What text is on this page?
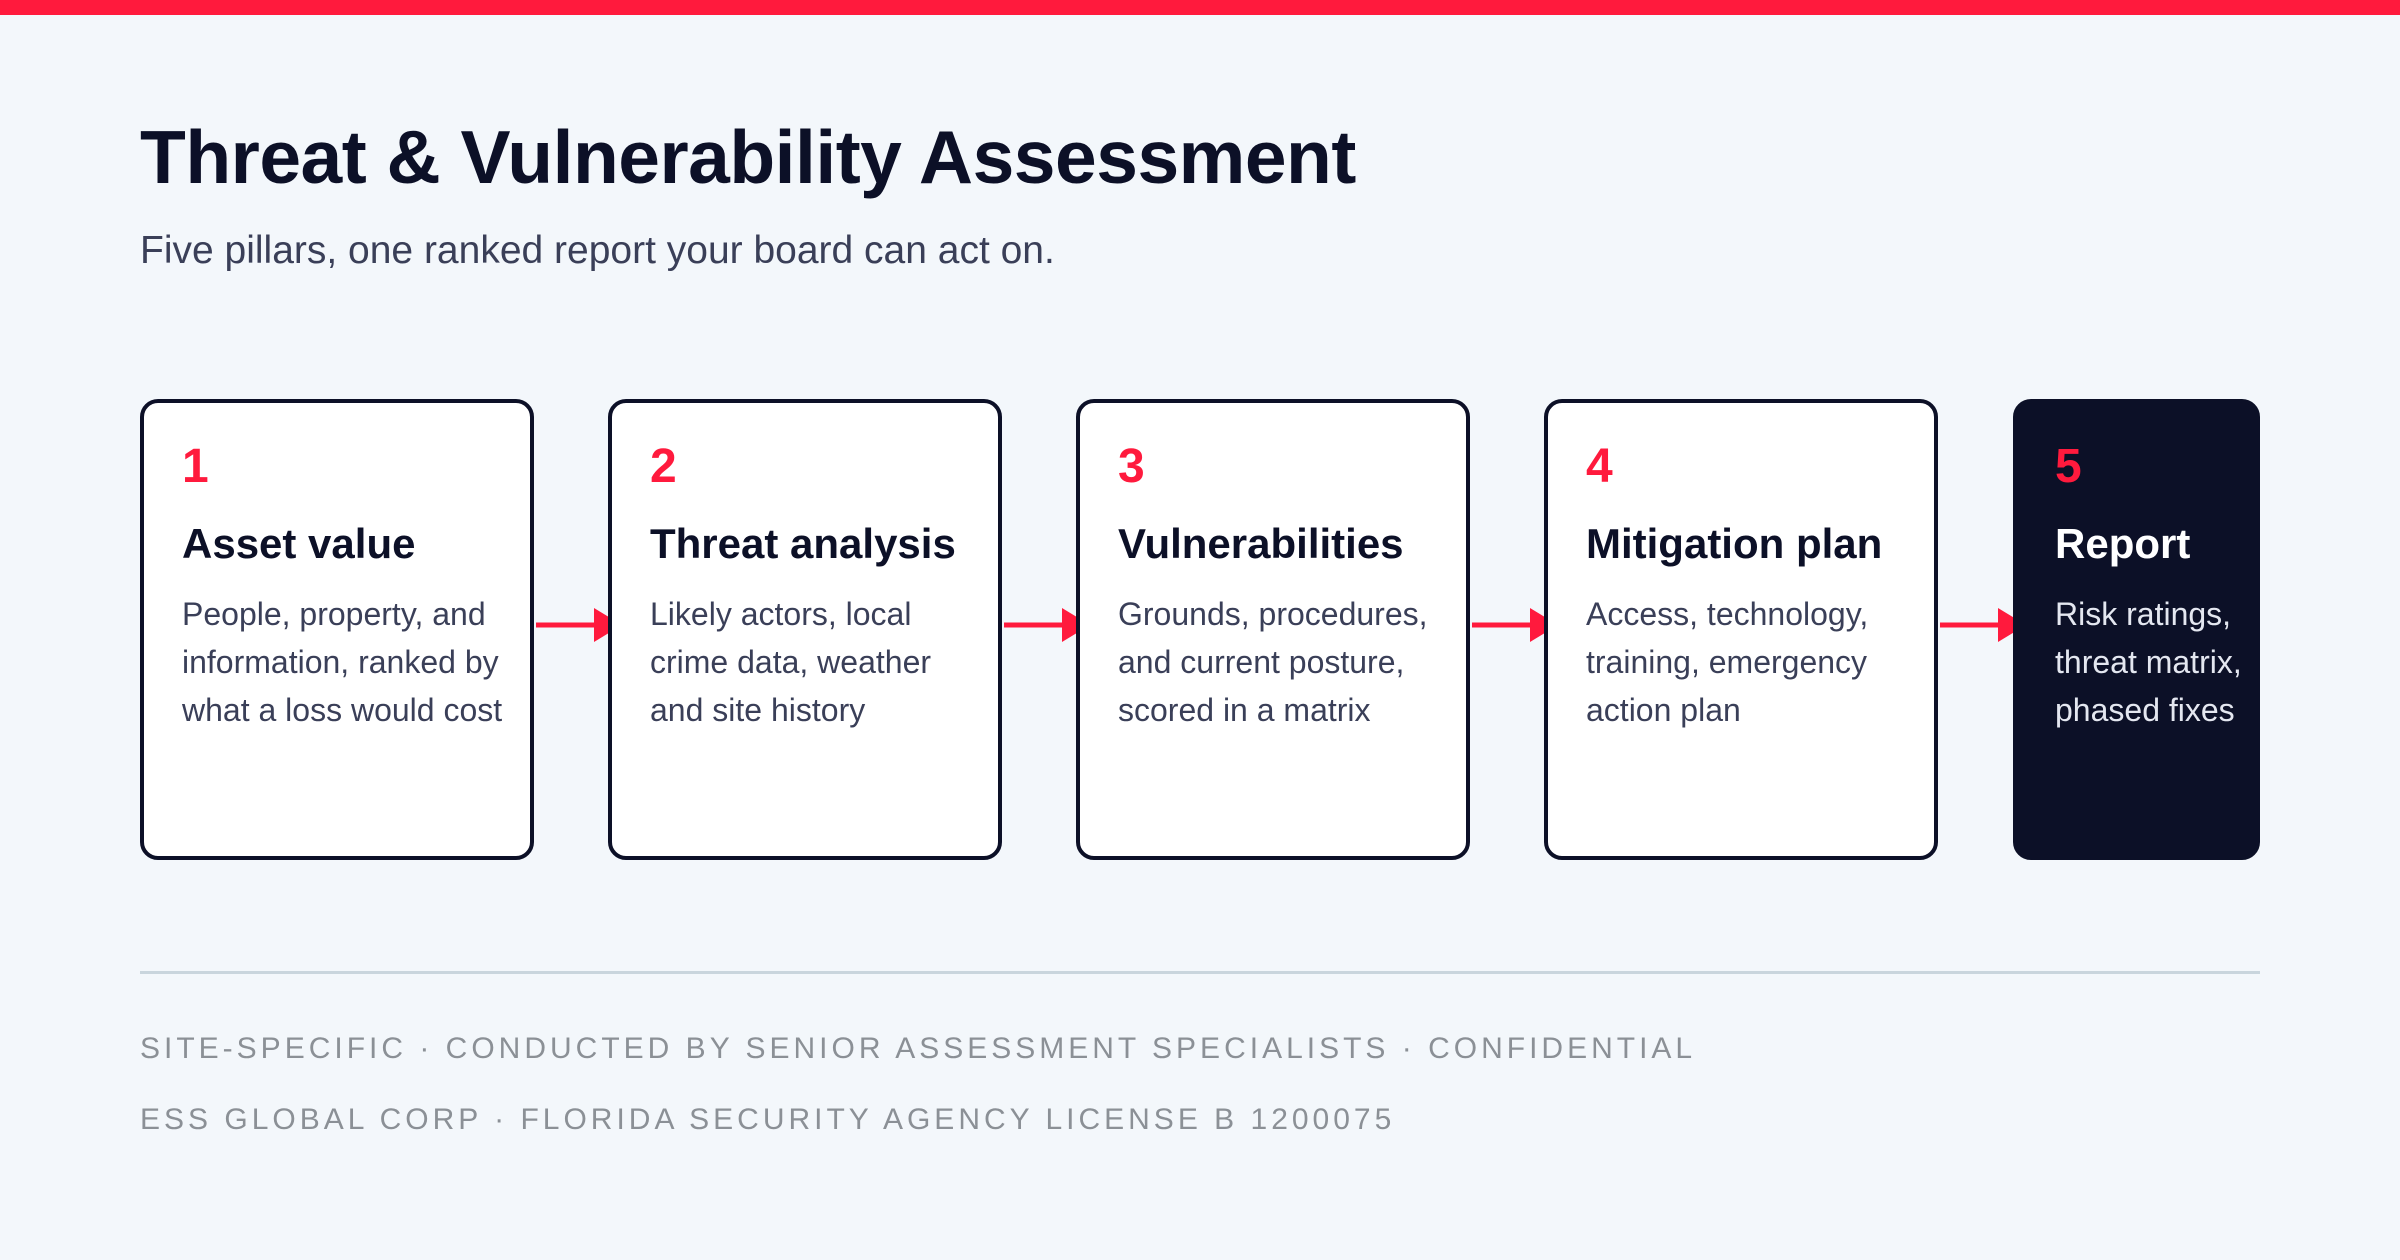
Threat & Vulnerability Assessment

Five pillars, one ranked report your board can act on.

1
Asset value
People, property, and information, ranked by what a loss would cost
2
Threat analysis
Likely actors, local crime data, weather and site history
3
Vulnerabilities
Grounds, procedures, and current posture, scored in a matrix
4
Mitigation plan
Access, technology, training, emergency action plan
5
Report
Risk ratings, threat matrix, phased fixes

SITE-SPECIFIC · CONDUCTED BY SENIOR ASSESSMENT SPECIALISTS · CONFIDENTIAL

ESS GLOBAL CORP · FLORIDA SECURITY AGENCY LICENSE B 1200075
